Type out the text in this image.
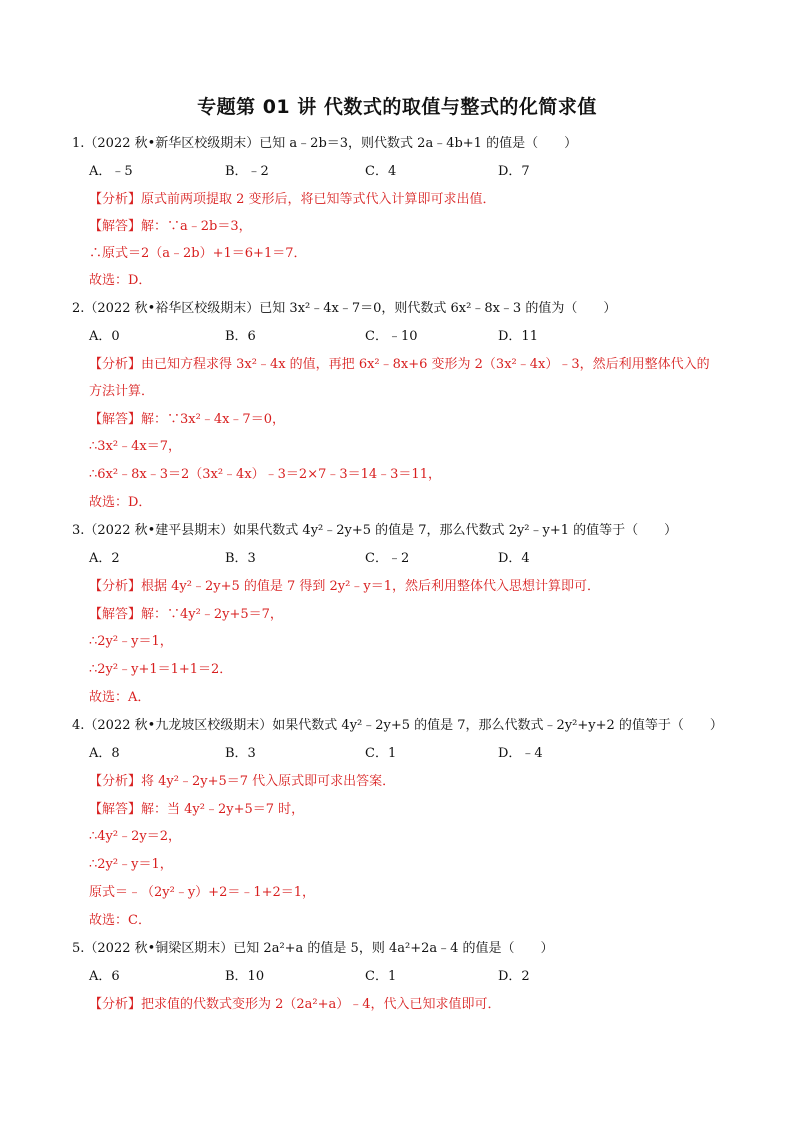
专题第 01 讲 代数式的取值与整式的化简求值
1.（2022 秋•新华区校级期末）已知 a﹣2b＝3，则代数式 2a﹣4b+1 的值是（　　）
A．﹣5	B．﹣2	C．4	D．7
【分析】原式前两项提取 2 变形后，将已知等式代入计算即可求出值．
【解答】解：∵a﹣2b＝3，
∴原式＝2（a﹣2b）+1＝6+1＝7．
故选：D．
2.（2022 秋•裕华区校级期末）已知 3x²﹣4x﹣7＝0，则代数式 6x²﹣8x﹣3 的值为（　　）
A．0	B．6	C．﹣10	D．11
【分析】由已知方程求得 3x²﹣4x 的值，再把 6x²﹣8x+6 变形为 2（3x²﹣4x）﹣3，然后利用整体代入的
方法计算．
【解答】解：∵3x²﹣4x﹣7＝0，
∴3x²﹣4x＝7，
∴6x²﹣8x﹣3＝2（3x²﹣4x）﹣3＝2×7﹣3＝14﹣3＝11，
故选：D．
3.（2022 秋•建平县期末）如果代数式 4y²﹣2y+5 的值是 7，那么代数式 2y²﹣y+1 的值等于（　　）
A．2	B．3	C．﹣2	D．4
【分析】根据 4y²﹣2y+5 的值是 7 得到 2y²﹣y＝1，然后利用整体代入思想计算即可．
【解答】解：∵4y²﹣2y+5＝7，
∴2y²﹣y＝1，
∴2y²﹣y+1＝1+1＝2．
故选：A．
4.（2022 秋•九龙坡区校级期末）如果代数式 4y²﹣2y+5 的值是 7，那么代数式﹣2y²+y+2 的值等于（　　）
A．8	B．3	C．1	D．﹣4
【分析】将 4y²﹣2y+5＝7 代入原式即可求出答案．
【解答】解：当 4y²﹣2y+5＝7 时，
∴4y²﹣2y＝2，
∴2y²﹣y＝1，
原式＝﹣（2y²﹣y）+2＝﹣1+2＝1，
故选：C．
5.（2022 秋•铜梁区期末）已知 2a²+a 的值是 5，则 4a²+2a﹣4 的值是（　　）
A．6	B．10	C．1	D．2
【分析】把求值的代数式变形为 2（2a²+a）﹣4，代入已知求值即可．
